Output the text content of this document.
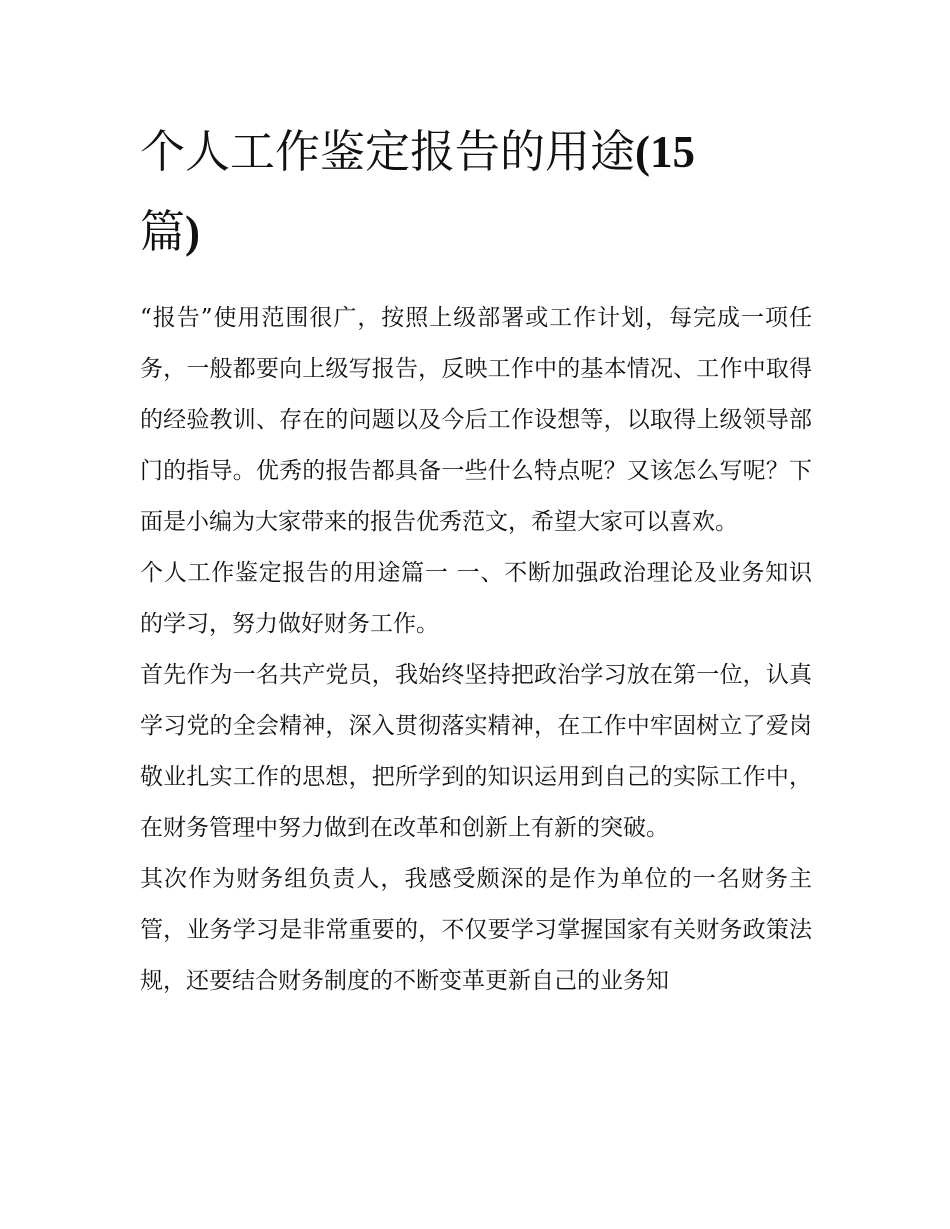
个人工作鉴定报告的用途(15
篇)

“报告”使用范围很广，按照上级部署或工作计划，每完成一项任务，一般都要向上级写报告，反映工作中的基本情况、工作中取得的经验教训、存在的问题以及今后工作设想等，以取得上级领导部门的指导。优秀的报告都具备一些什么特点呢？又该怎么写呢？下面是小编为大家带来的报告优秀范文，希望大家可以喜欢。

个人工作鉴定报告的用途篇一 一、不断加强政治理论及业务知识的学习，努力做好财务工作。

首先作为一名共产党员，我始终坚持把政治学习放在第一位，认真学习党的全会精神，深入贯彻落实精神，在工作中牢固树立了爱岗敬业扎实工作的思想，把所学到的知识运用到自己的实际工作中，在财务管理中努力做到在改革和创新上有新的突破。

其次作为财务组负责人，我感受颇深的是作为单位的一名财务主管，业务学习是非常重要的，不仅要学习掌握国家有关财务政策法规，还要结合财务制度的不断变革更新自己的业务知
